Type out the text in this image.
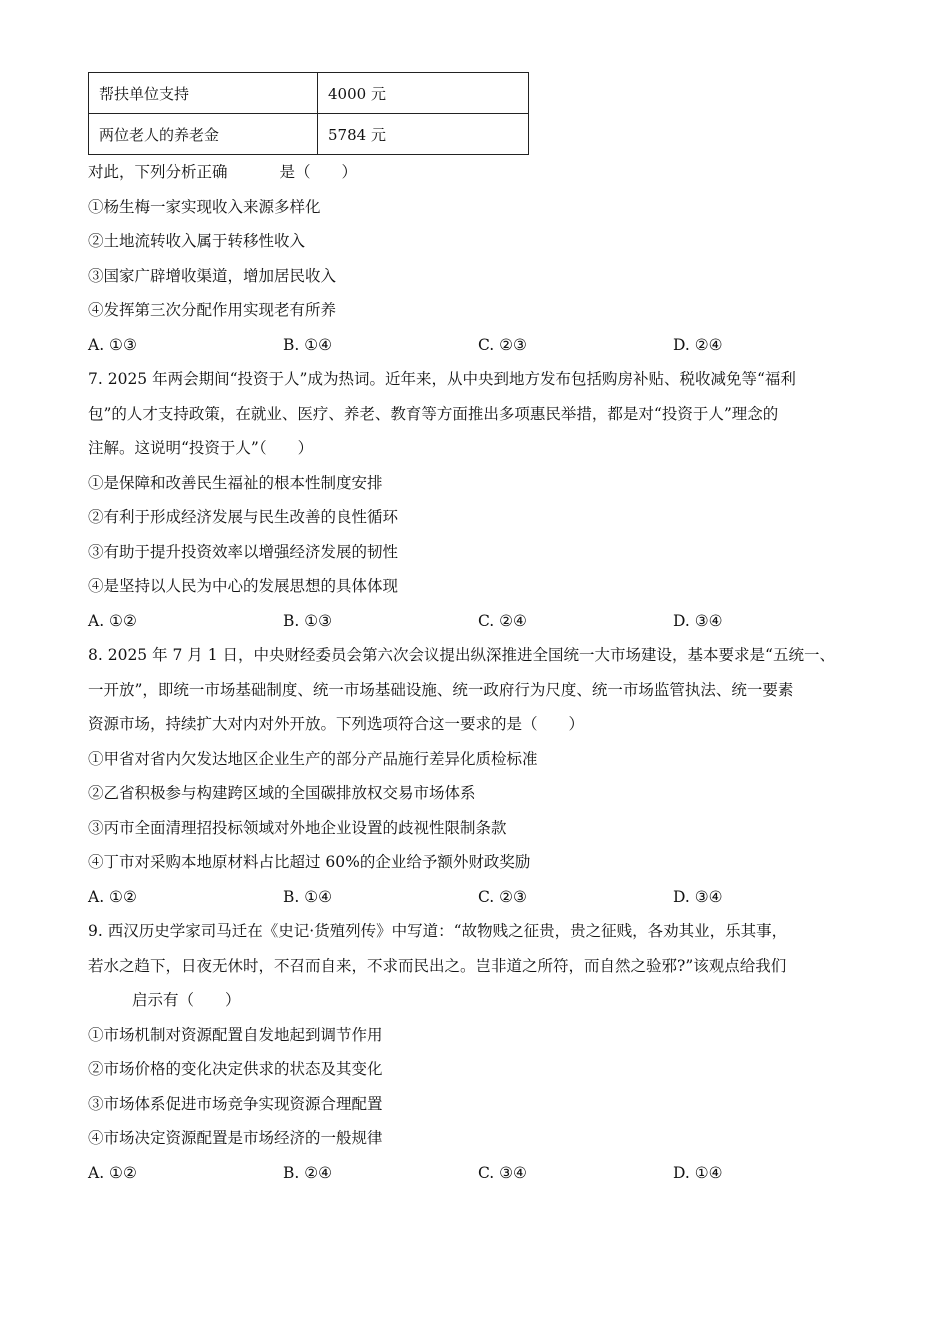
帮扶单位支持	4000 元
两位老人的养老金	5784 元
对此，下列分析正确	是（　　）
①杨生梅一家实现收入来源多样化
②土地流转收入属于转移性收入
③国家广辟增收渠道，增加居民收入
④发挥第三次分配作用实现老有所养
A. ①③	B. ①④	C. ②③	D. ②④
7. 2025 年两会期间“投资于人”成为热词。近年来，从中央到地方发布包括购房补贴、税收减免等“福利
包”的人才支持政策，在就业、医疗、养老、教育等方面推出多项惠民举措，都是对“投资于人”理念的
注解。这说明“投资于人”（　　）
①是保障和改善民生福祉的根本性制度安排
②有利于形成经济发展与民生改善的良性循环
③有助于提升投资效率以增强经济发展的韧性
④是坚持以人民为中心的发展思想的具体体现
A. ①②	B. ①③	C. ②④	D. ③④
8. 2025 年 7 月 1 日，中央财经委员会第六次会议提出纵深推进全国统一大市场建设，基本要求是“五统一、
一开放”，即统一市场基础制度、统一市场基础设施、统一政府行为尺度、统一市场监管执法、统一要素
资源市场，持续扩大对内对外开放。下列选项符合这一要求的是（　　）
①甲省对省内欠发达地区企业生产的部分产品施行差异化质检标准
②乙省积极参与构建跨区域的全国碳排放权交易市场体系
③丙市全面清理招投标领域对外地企业设置的歧视性限制条款
④丁市对采购本地原材料占比超过 60%的企业给予额外财政奖励
A. ①②	B. ①④	C. ②③	D. ③④
9. 西汉历史学家司马迁在《史记·货殖列传》中写道：“故物贱之征贵，贵之征贱，各劝其业，乐其事，
若水之趋下，日夜无休时，不召而自来，不求而民出之。岂非道之所符，而自然之验邪?”该观点给我们
启示有（　　）
①市场机制对资源配置自发地起到调节作用
②市场价格的变化决定供求的状态及其变化
③市场体系促进市场竞争实现资源合理配置
④市场决定资源配置是市场经济的一般规律
A. ①②	B. ②④	C. ③④	D. ①④
